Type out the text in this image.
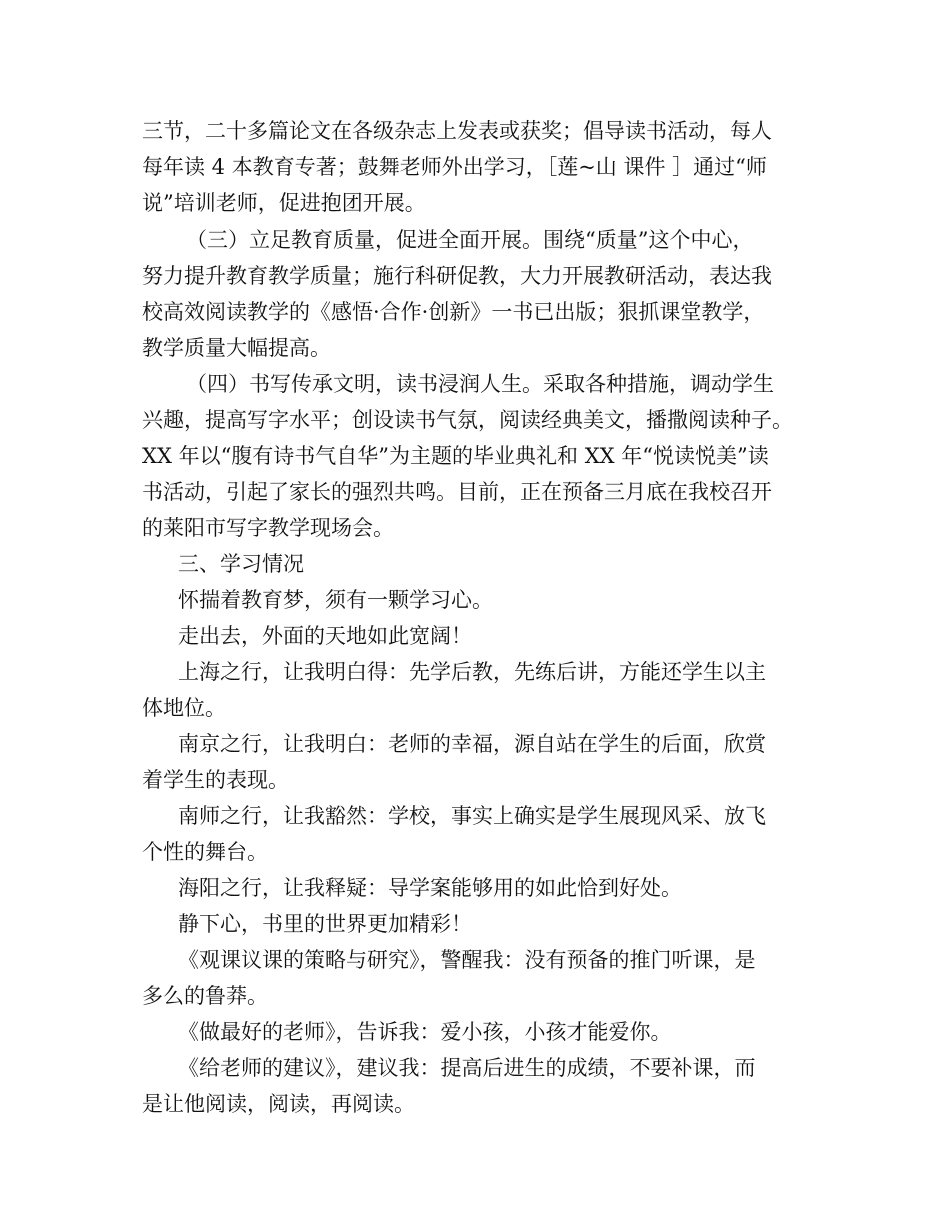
三节，二十多篇论文在各级杂志上发表或获奖；倡导读书活动，每人
每年读 4 本教育专著；鼓舞老师外出学习，［莲~山 课件 ］通过“师
说”培训老师，促进抱团开展。
（三）立足教育质量，促进全面开展。围绕“质量”这个中心，
努力提升教育教学质量；施行科研促教，大力开展教研活动，表达我
校高效阅读教学的《感悟·合作·创新》一书已出版；狠抓课堂教学，
教学质量大幅提高。
（四）书写传承文明，读书浸润人生。采取各种措施，调动学生
兴趣，提高写字水平；创设读书气氛，阅读经典美文，播撒阅读种子。
XX 年以“腹有诗书气自华”为主题的毕业典礼和 XX 年“悦读悦美”读
书活动，引起了家长的强烈共鸣。目前，正在预备三月底在我校召开
的莱阳市写字教学现场会。
三、学习情况
怀揣着教育梦，须有一颗学习心。
走出去，外面的天地如此宽阔！
上海之行，让我明白得：先学后教，先练后讲，方能还学生以主
体地位。
南京之行，让我明白：老师的幸福，源自站在学生的后面，欣赏
着学生的表现。
南师之行，让我豁然：学校，事实上确实是学生展现风采、放飞
个性的舞台。
海阳之行，让我释疑：导学案能够用的如此恰到好处。
静下心，书里的世界更加精彩！
《观课议课的策略与研究》，警醒我：没有预备的推门听课，是
多么的鲁莽。
《做最好的老师》，告诉我：爱小孩，小孩才能爱你。
《给老师的建议》，建议我：提高后进生的成绩，不要补课，而
是让他阅读，阅读，再阅读。
